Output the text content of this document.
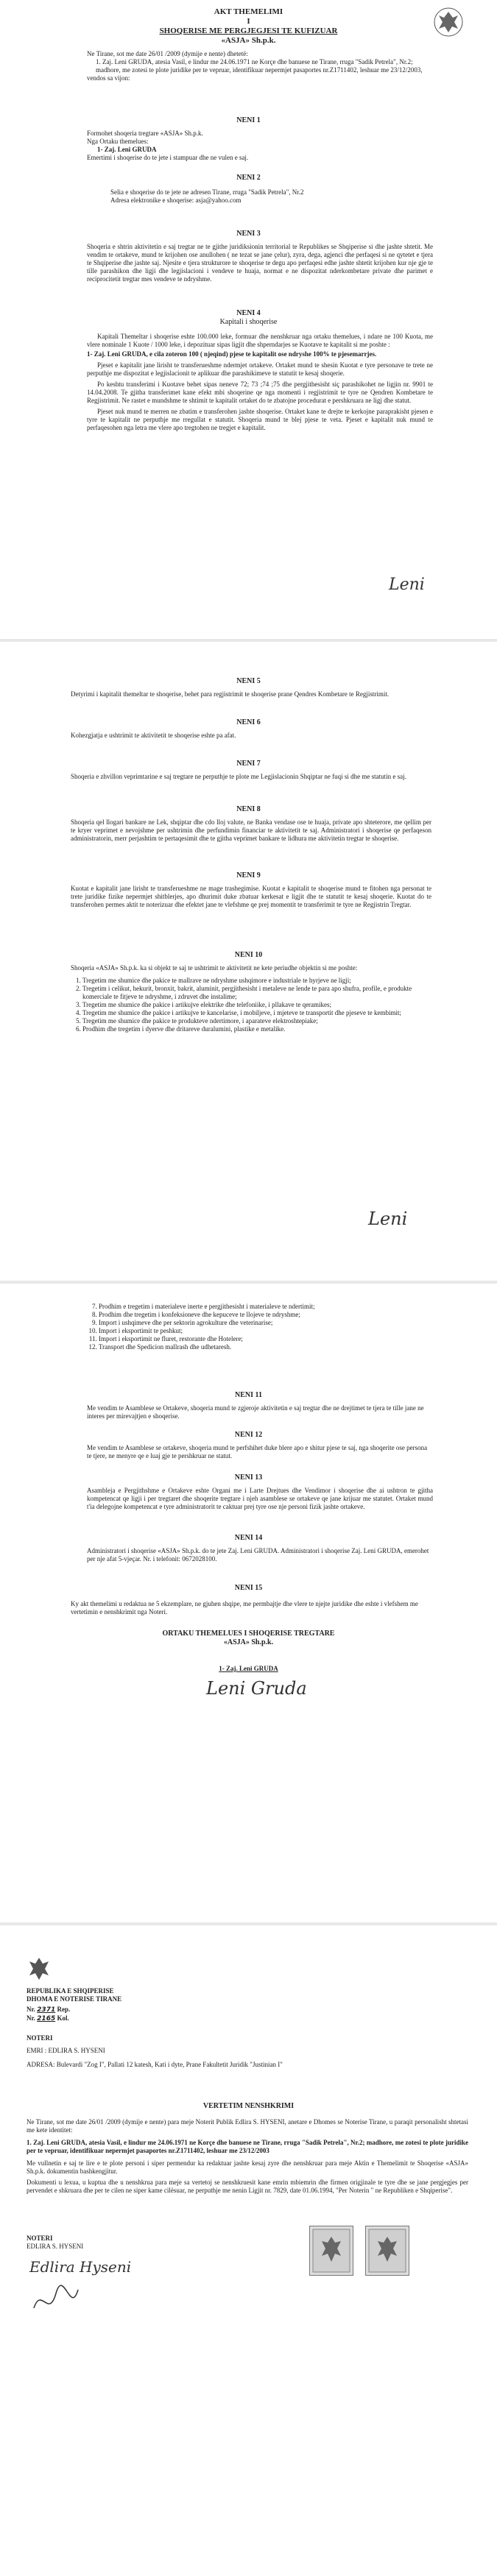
AKT THEMELIMI

I

SHOQERISE ME PERGJEGJESI TE KUFIZUAR

«ASJA» Sh.p.k.

Ne Tirane, sot me date 26/01 /2009 (dymije e nente) dhetetë:

1. Zaj. Leni GRUDA, atesia Vasil, e lindur me 24.06.1971 ne Korçe dhe banuese ne Tirane, rruga "Sadik Petrela", Nr.2; madhore, me zotesi te plote juridike per te vepruar, identifikuar nepermjet pasaportes nr.Z1711402, leshuar me 23/12/2003,

vendos sa vijon:

NENI 1

Formohet shoqeria tregtare «ASJA» Sh.p.k.

Nga Ortaku themelues:

1- Zaj. Leni GRUDA

Emertimi i shoqerise do te jete i stampuar dhe ne vulen e saj.

NENI 2

Selia e shoqerise do te jete ne adresen Tirane, rruga "Sadik Petrela", Nr.2

Adresa elektronike e shoqerise: asja@yahoo.com

NENI 3

Shoqeria e shtrin aktivitetin e saj tregtar ne te gjithe juridiksionin territorial te Republikes se Shqiperise si dhe jashte shtetit. Me vendim te ortakeve, mund te krijohen ose anullohen ( ne tezat se jane çelur), zyra, dega, agjenci dhe perfaqesi si ne qytetet e tjera te Shqiperise dhe jashte saj. Njesite e tjera strukturore te shoqerise te degu apo perfaqesi edhe jashte shtetit krijohen kur nje gje te tille parashikon dhe ligji dhe legjislacioni i vendeve te huaja, normat e ne dispozitat nderkombetare private dhe parimet e reciprocitetit tregtar mes vendeve te ndryshme.

NENI 4

Kapitali i shoqerise

Kapitali Themeltar i shoqerise eshte 100.000 leke, formuar dhe nenshkruar nga ortaku themelues, i ndare ne 100 Kuota, me vlere nominale 1 Kuote / 1000 leke, i depozituar sipas ligjit dhe shperndarjes se Kuotave te kapitalit si me poshte :

1- Zaj. Leni GRUDA, e cila zoteron 100 ( njeqind) pjese te kapitalit ose ndryshe 100% te pjesemarrjes.

Pjeset e kapitalit jane lirisht te transferueshme ndermjet ortakeve. Ortaket mund te shesin Kuotat e tyre personave te trete ne perputhje me dispozitat e legjislacionit te aplikuar dhe parashikimeve te statutit te kesaj shoqerie.

Po keshtu transferimi i Kuotave behet sipas neneve 72; 73 ;74 ;75 dhe pergjithesisht siç parashikohet ne ligjin nr. 9901 te 14.04.2008. Te gjitha transferimet kane efekt mbi shoqerine qe nga momenti i regjistrimit te tyre ne Qendren Kombetare te Regjistrimit. Ne rastet e mundshme te shtimit te kapitalit ortaket do te zbatojne procedurat e pershkruara ne ligj dhe statut.

Pjeset nuk mund te merren ne zbatim e transferohen jashte shoqerise. Ortaket kane te drejte te kerkojne paraprakisht pjesen e tyre te kapitalit ne perputhje me rregullat e statutit. Shoqeria mund te blej pjese te veta. Pjeset e kapitalit nuk mund te perfaqesohen nga letra me vlere apo tregtohen ne tregjet e kapitalit.

Leni
NENI 5

Detyrimi i kapitalit themeltar te shoqerise, behet para regjistrimit te shoqerise prane Qendres Kombetare te Regjistrimit.

NENI 6

Kohezgjatja e ushtrimit te aktivitetit te shoqerise eshte pa afat.

NENI 7

Shoqeria e zhvillon veprimtarine e saj tregtare ne perputhje te plote me Legjislacionin Shqiptar ne fuqi si dhe me statutin e saj.

NENI 8

Shoqeria qel llogari bankare ne Lek, shqiptar dhe cdo lloj valute, ne Banka vendase ose te huaja, private apo shteterore, me qellim per te kryer veprimet e nevojshme per ushtrimin dhe perfundimin financiar te aktivitetit te saj. Administratori i shoqerise qe perfaqeson administratorin, merr perjashtim te pertaqesimit dhe te gjitha veprimet bankare te lidhura me aktivitetin tregtar te shoqerise.

NENI 9

Kuotat e kapitalit jane lirisht te transferueshme ne mage trashegimise. Kuotat e kapitalit te shoqerise mund te fitohen nga personat te trete juridike fizike nepermjet shitblerjes, apo dhurimit duke zbatuar kerkesat e ligjit dhe te statutit te kesaj shoqerie. Kuotat do te transferohen permes aktit te noterizuar dhe efektet jane te vlefshme qe prej momentit te transferimit te tyre ne Regjistrin Tregtar.

NENI 10

Shoqeria «ASJA» Sh.p.k. ka si objekt te saj te ushtrimit te aktivitetit ne kete periudhe objektin si me poshte:

1. Tregetim me shumice dhe pakice te mallrave ne ndryshme ushqimore e industriale te hyrjeve ne ligji;
2. Tregetim i celikut, hekurit, bronxit, bakrit, aluminit, pergjithesisht i metaleve ne lende te para apo shufra, profile, e produkte komerciale te fitjeve te ndryshme, i zdruvet dhe instalime;
3. Tregetim me shumice dhe pakice i artikujve elektrike dhe telefoniike, i pllakave te qeramikes;
4. Tregetim me shumice dhe pakice i artikujve te kancelarise, i mobiljeve, i mjeteve te transportit dhe pjeseve te kembimit;
5. Tregetim me shumice dhe pakice te produkteve ndertimore, i aparateve elektroshtepiake;
6. Prodhim dhe tregetim i dyerve dhe dritareve duralumini, plastike e metalike.
Leni
7. Prodhim e tregetim i materialeve inerte e pergjithesisht i materialeve te ndertimit;
8. Prodhim dhe tregetim i konfeksioneve dhe kepuceve te llojeve te ndryshme;
9. Import i ushqimeve dhe per sektorin agrokulture dhe veterinarise;
10. Import i eksportimit te peshkut;
11. Import i eksportimit ne fluret, restorante dhe Hotelere;
12. Transport dhe Spedicion mallrash dhe udhetaresh.
NENI 11

Me vendim te Asamblese se Ortakeve, shoqeria mund te zgjeroje aktivitetin e saj tregtar dhe ne drejtimet te tjera te tille jane ne interes per mirevajtjen e shoqerise.

NENI 12

Me vendim te Asamblese se ortakeve, shoqeria mund te perfshihet duke blere apo e shitur pjese te saj, nga shoqerite ose persona te tjere, ne menyre qe e luaj gje te pershkruar ne statut.

NENI 13

Asambleja e Pergjithshme e Ortakeve eshte Organi me i Larte Drejtues dhe Vendimor i shoqerise dhe ai ushtron te gjitha kompetencat qe ligji i per tregtaret dhe shoqerite tregtare i njeh asamblese se ortakeve qe jane krijuar me statutet. Ortaket mund t'ia delegojne kompetencat e tyre administratorit te caktuar prej tyre ose nje personi fizik jashte ortakeve.

NENI 14

Administratori i shoqerise «ASJA» Sh.p.k. do te jete Zaj. Leni GRUDA. Administratori i shoqerise Zaj. Leni GRUDA, emerohet per nje afat 5-vjeçar. Nr. i telefonit: 0672028100.

NENI 15

Ky akt themelimi u redaktua ne 5 ekzemplare, ne gjuhen shqipe, me permbajtje dhe vlere te njejte juridike dhe eshte i vlefshem me vertetimin e nenshkrimit nga Noteri.

ORTAKU THEMELUES I SHOQERISE TREGTARE

«ASJA» Sh.p.k.

1- Zaj. Leni GRUDA
Leni Gruda

REPUBLIKA E SHQIPERISE

DHOMA E NOTERISE TIRANE

Nr. 2371 Rep.

Nr. 2165 Kol.

NOTERI

EMRI : EDLIRA S. HYSENI

ADRESA: Bulevardi "Zog I", Pallati 12 katesh, Kati i dyte, Prane Fakultetit Juridik "Justinian I"

VERTETIM NENSHKRIMI

Ne Tirane, sot me date 26/01 /2009 (dymije e nente) para meje Noterit Publik Edlira S. HYSENI, anetare e Dhomes se Noterise Tirane, u paraqit personalisht shtetasi me kete identitet:

1. Zaj. Leni GRUDA, atesia Vasil, e lindur me 24.06.1971 ne Korçe dhe banuese ne Tirane, rruga "Sadik Petrela", Nr.2; madhore, me zotesi te plote juridike per te vepruar, identifikuar nepermjet pasaportes nr.Z1711402, leshuar me 23/12/2003

Me vullnetin e saj te lire e te plote personi i siper permendur ka redaktuar jashte kesaj zyre dhe nenshkruar para meje Aktin e Themelimit te Shoqerise «ASJA» Sh.p.k. dokumentin bashkengjitur.

Dokumenti u lexua, u kuptua dhe u nenshkrua para meje sa vertetoj se nenshkruesit kane emrin mbiemrin dhe firmen origjinale te tyre dhe se jane pergjegjes per pervendet e shkruara dhe per te cilen ne siper kame cilësuar, ne perputhje me nenin Ligjit nr. 7829, date 01.06.1994, "Per Noterin " ne Republiken e Shqiperise".

NOTERI

EDLIRA S. HYSENI

Edlira Hyseni
